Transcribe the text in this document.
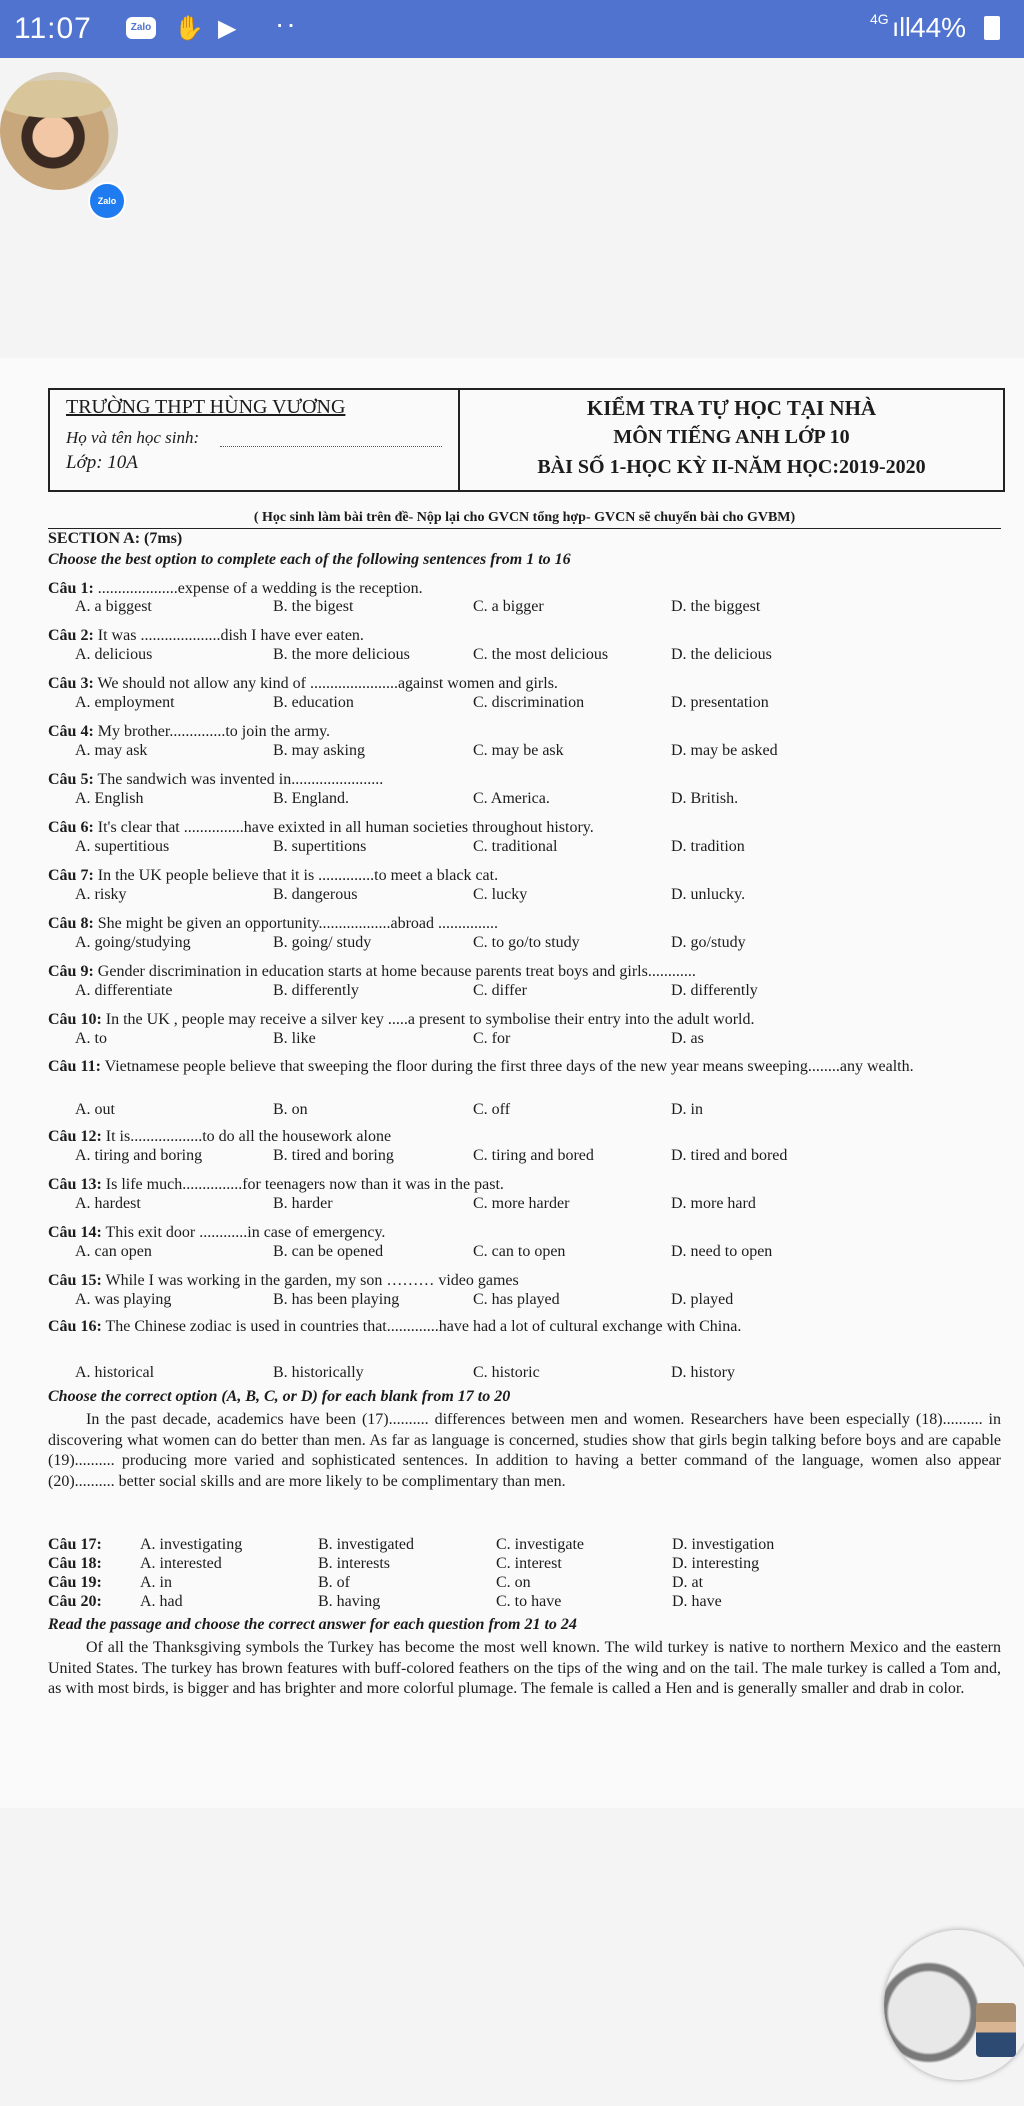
11:07	Zalo ✋ ▶ ··	4G ıll 44%
Zalo
TRƯỜNG THPT HÙNG VƯƠNG
Họ và tên học sinh:
Lớp: 10A
KIỂM TRA TỰ HỌC TẠI NHÀ
MÔN TIẾNG ANH LỚP 10
BÀI SỐ 1-HỌC KỲ II-NĂM HỌC:2019-2020
( Học sinh làm bài trên đề- Nộp lại cho GVCN tổng hợp- GVCN sẽ chuyển bài cho GVBM)
SECTION A: (7ms)
Choose the best option to complete each of the following sentences from 1 to 16
Câu 1: ....................expense of a wedding is the reception.
A. a biggest	B. the bigest	C. a bigger	D. the biggest
Câu 2: It was ....................dish I have ever eaten.
A. delicious	B. the more delicious	C. the most delicious	D. the delicious
Câu 3: We should not allow any kind of ......................against women and girls.
A. employment	B. education	C. discrimination	D. presentation
Câu 4: My brother..............to join the army.
A. may ask	B. may asking	C. may be ask	D. may be asked
Câu 5: The sandwich was invented in.......................
A. English	B. England.	C. America.	D. British.
Câu 6: It's clear that ...............have exixted in all human societies throughout history.
A. supertitious	B. supertitions	C. traditional	D. tradition
Câu 7: In the UK people believe that it is ..............to meet a black cat.
A. risky	B. dangerous	C. lucky	D. unlucky.
Câu 8: She might be given an opportunity..................abroad ...............
A. going/studying	B. going/ study	C. to go/to study	D. go/study
Câu 9: Gender discrimination in education starts at home because parents treat boys and girls............
A. differentiate	B. differently	C. differ	D. differently
Câu 10: In the UK , people may receive a silver key .....a present to symbolise their entry into the adult world.
A. to	B. like	C. for	D. as
Câu 11: Vietnamese people believe that sweeping the floor during the first three days of the new year means sweeping........any wealth.
A. out	B. on	C. off	D. in
Câu 12: It is..................to do all the housework alone
A. tiring and boring	B. tired and boring	C. tiring and bored	D. tired and bored
Câu 13: Is life much...............for teenagers now than it was in the past.
A. hardest	B. harder	C. more harder	D. more hard
Câu 14: This exit door ............in case of emergency.
A. can open	B. can be opened	C. can to open	D. need to open
Câu 15: While I was working in the garden, my son ……… video games
A. was playing	B. has been playing	C. has played	D. played
Câu 16: The Chinese zodiac is used in countries that.............have had a lot of cultural exchange with China.
A. historical	B. historically	C. historic	D. history
Choose the correct option (A, B, C, or D) for each blank from 17 to 20
In the past decade, academics have been (17).......... differences between men and women. Researchers have been especially (18).......... in discovering what women can do better than men. As far as language is concerned, studies show that girls begin talking before boys and are capable (19).......... producing more varied and sophisticated sentences. In addition to having a better command of the language, women also appear (20).......... better social skills and are more likely to be complimentary than men.
Câu 17: A. investigating	B. investigated	C. investigate	D. investigation
Câu 18: A. interested	B. interests	C. interest	D. interesting
Câu 19: A. in	B. of	C. on	D. at
Câu 20: A. had	B. having	C. to have	D. have
Read the passage and choose the correct answer for each question from 21 to 24
Of all the Thanksgiving symbols the Turkey has become the most well known. The wild turkey is native to northern Mexico and the eastern United States. The turkey has brown features with buff-colored feathers on the tips of the wing and on the tail. The male turkey is called a Tom and, as with most birds, is bigger and has brighter and more colorful plumage. The female is called a Hen and is generally smaller and drab in color.
